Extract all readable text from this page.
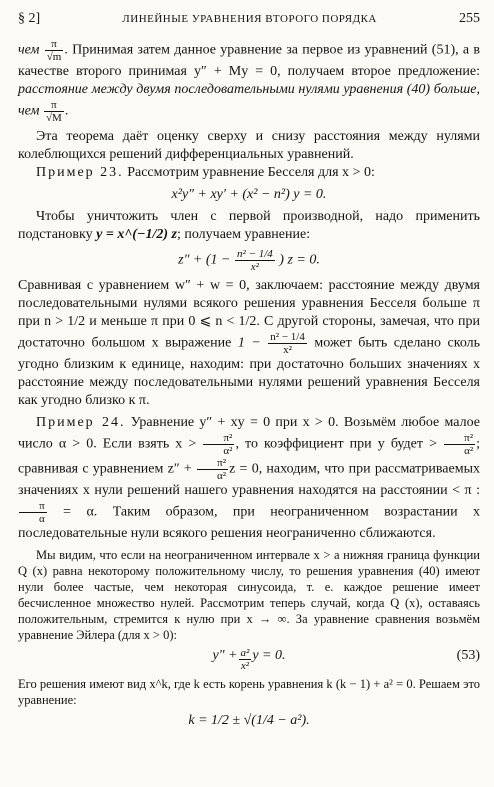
§ 2]	ЛИНЕЙНЫЕ УРАВНЕНИЯ ВТОРОГО ПОРЯДКА	255

чем $\frac{\pi}{√m}$ . Принимая затем данное уравнение за первое из уравнений (51), а в качестве второго принимая y″ + My = 0, получаем второе предложение: расстояние между двумя последовательными нулями уравнения (40) больше, чем $\frac{\pi}{√M}$ .

Эта теорема даёт оценку сверху и снизу расстояния между нулями колеблющихся решений дифференциальных уравнений.

Пример 23. Рассмотрим уравнение Бесселя для x > 0:

x²y″ + xy′ + (x² − n²) y = 0.

Чтобы уничтожить член с первой производной, надо применить подстановку y = x^(−1/2) z; получаем уравнение:

$z'' + (1 - \frac{\text{n² − 1/4}}{\text{x²}}$ ) z = 0.

Сравнивая с уравнением w″ + w = 0, заключаем: расстояние между двумя последовательными нулями всякого решения уравнения Бесселя больше π при n > 1/2 и меньше π при 0 ⩽ n < 1/2. С другой стороны, замечая, что при достаточно большом x выражение $1 - \frac{\text{n² − 1/4}}{\text{x²}}$ может быть сделано сколь угодно близким к единице, находим: при достаточно больших значениях x расстояние между последовательными нулями решений уравнения Бесселя как угодно близко к π.

Пример 24. Уравнение y″ + xy = 0 при x > 0. Возьмём любое малое число α > 0. Если взять $x > \frac{\text{π²}}{\text{α²}}$ , то коэффициент при y будет > $\frac{\text{π²}}{\text{α²}}$ ; сравнивая с уравнением $z'' + \frac{\text{π²}}{\text{α²}}$ z = 0, находим, что при рассматриваемых значениях x нули решений нашего уравнения находятся на расстоянии < π :
$\frac{\pi}{\alpha} = \alpha$. Таким образом, при неограниченном возрастании x последовательные нули всякого решения неограниченно сближаются.

Мы видим, что если на неограниченном интервале x > a нижняя граница функции Q (x) равна некоторому положительному числу, то решения уравнения (40) имеют нули более частые, чем некоторая синусоида, т. е. каждое решение имеет бесчисленное множество нулей. Рассмотрим теперь случай, когда Q (x), оставаясь положительным, стремится к нулю при x → ∞. За уравнение сравнения возьмём уравнение Эйлера (для x > 0):

$y'' + \frac{\text{a²}}{\text{x²}}$ y = 0.	(53)

Его решения имеют вид x^k, где k есть корень уравнения k (k − 1) + a² = 0. Решаем это уравнение:

k = 1/2 ± √(1/4 − a²).
